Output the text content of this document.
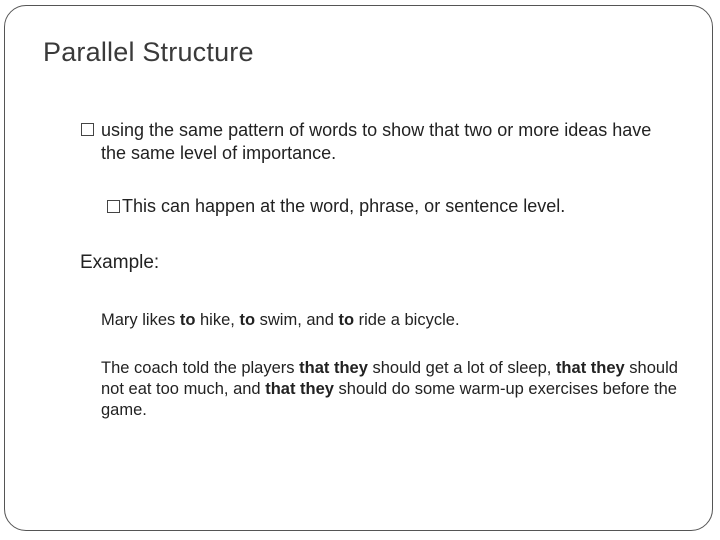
Parallel Structure
using the same pattern of words to show that two or more ideas have the same level of importance.
This can happen at the word, phrase, or sentence level.
Example:
Mary likes to hike, to swim, and to ride a bicycle.
The coach told the players that they should get a lot of sleep, that they should not eat too much, and that they should do some warm-up exercises before the game.
